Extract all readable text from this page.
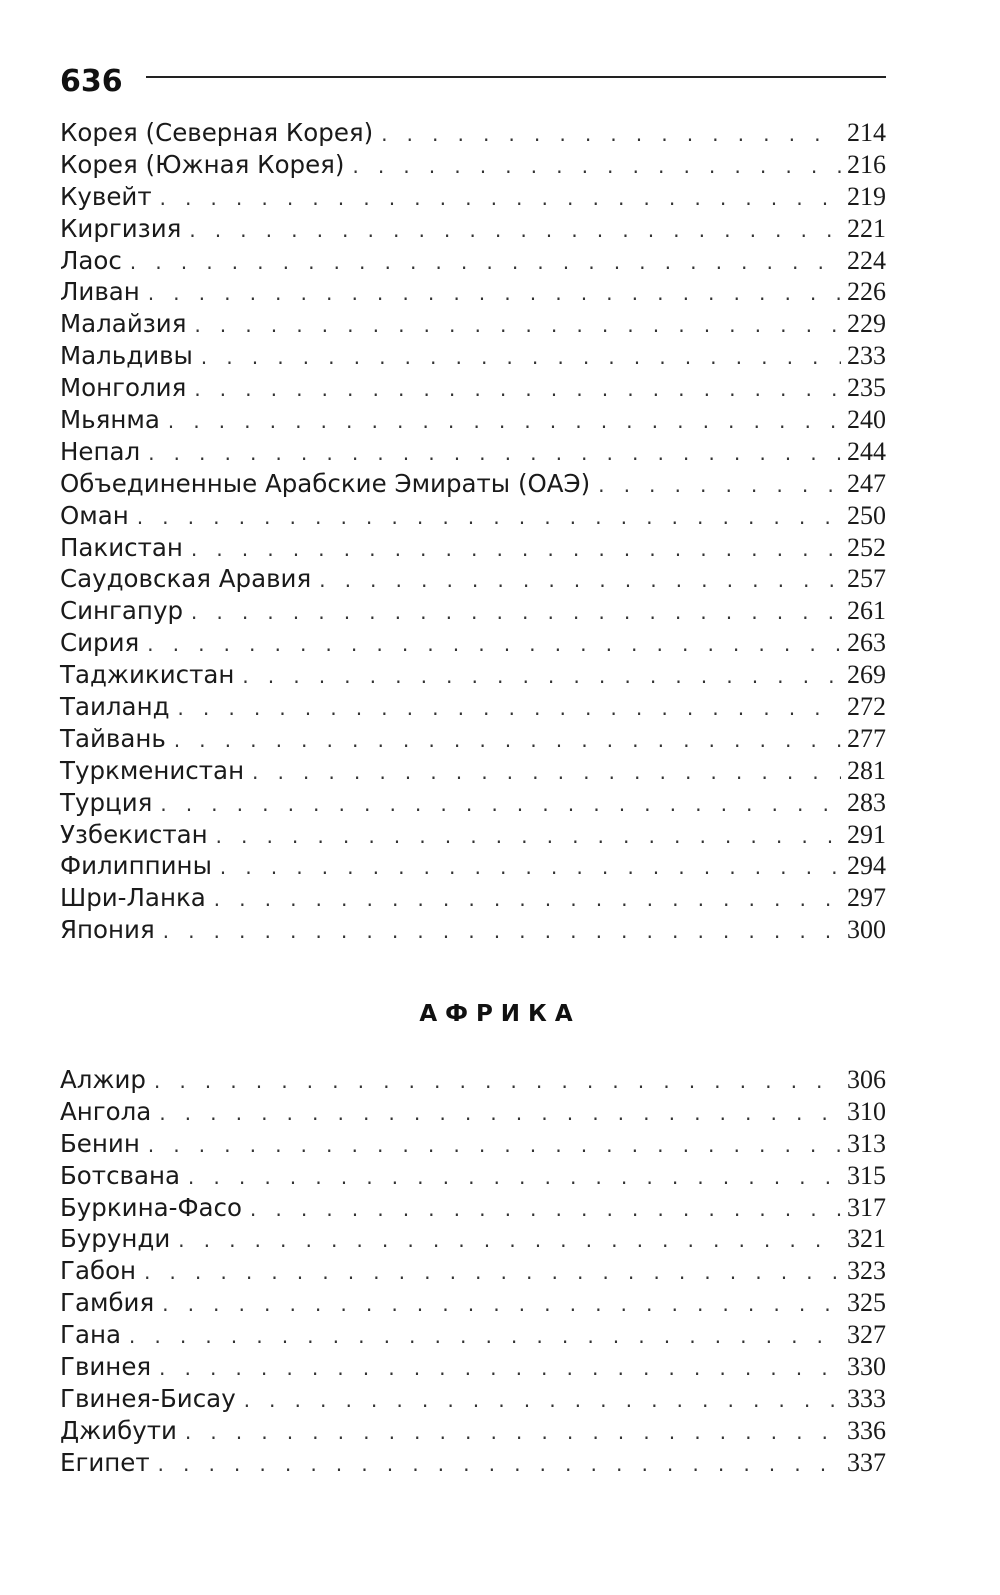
636
Корея (Северная Корея) . . .	214
Корея (Южная Корея) . . .	216
Кувейт . . .	219
Киргизия . . .	221
Лаос . . .	224
Ливан . . .	226
Малайзия . . .	229
Мальдивы . . .	233
Монголия . . .	235
Мьянма . . .	240
Непал . . .	244
Объединенные Арабские Эмираты (ОАЭ) . . .	247
Оман . . .	250
Пакистан . . .	252
Саудовская Аравия . . .	257
Сингапур . . .	261
Сирия . . .	263
Таджикистан . . .	269
Таиланд . . .	272
Тайвань . . .	277
Туркменистан . . .	281
Турция . . .	283
Узбекистан . . .	291
Филиппины . . .	294
Шри-Ланка . . .	297
Япония . . .	300
АФРИКА
Алжир . . .	306
Ангола . . .	310
Бенин . . .	313
Ботсвана . . .	315
Буркина-Фасо . . .	317
Бурунди . . .	321
Габон . . .	323
Гамбия . . .	325
Гана . . .	327
Гвинея . . .	330
Гвинея-Бисау . . .	333
Джибути . . .	336
Египет . . .	337
